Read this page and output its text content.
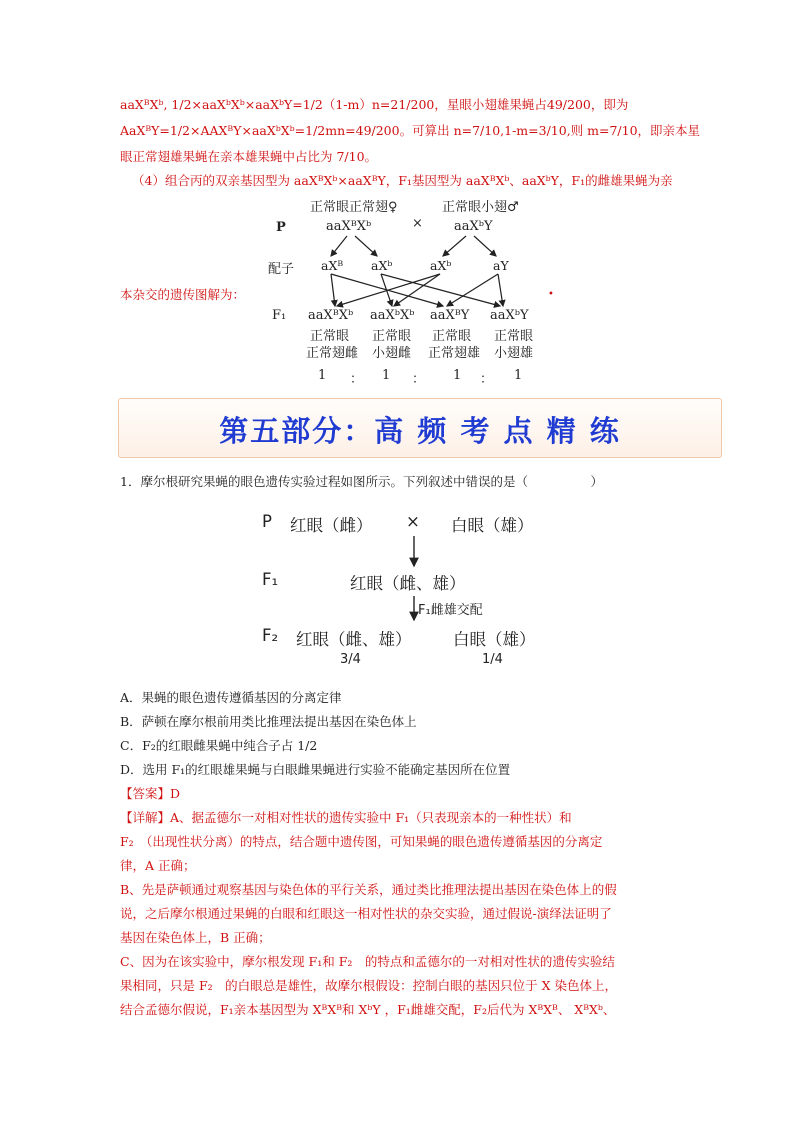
aaXᴮXᵇ, 1/2×aaXᵇXᵇ×aaXᵇY=1/2（1-m）n=21/200，星眼小翅雄果蝇占49/200，即为
AaXᴮY=1/2×AAXᴮY×aaXᵇXᵇ=1/2mn=49/200。可算出 n=7/10,1-m=3/10,则 m=7/10，即亲本星
眼正常翅雄果蝇在亲本雄果蝇中占比为 7/10。
（4）组合丙的双亲基因型为 aaXᴮXᵇ×aaXᴮY，F₁基因型为 aaXᴮXᵇ、aaXᵇY，F₁的雌雄果蝇为亲
本杂交的遗传图解为：	•
P
正常眼正常翅♀	正常眼小翅♂
aaXᴮXᵇ	× aaXᵇY
配子 aXᴮ aXᵇ	aXᵇ	aY
F₁ aaXᴮXᵇ
正常眼
正常翅雌
aaXᵇXᵇ
正常眼
小翅雌
aaXᴮY
正常眼
正常翅雄
aaXᵇY
正常眼
小翅雄
1 ： 1 ： 1 ： 1
第五部分：高 频 考 点 精 练
1．摩尔根研究果蝇的眼色遗传实验过程如图所示。下列叙述中错误的是（　　　　　）
P 红眼（雌） × 白眼（雄）
F₁	红眼（雌、雄）
F₁雌雄交配
F₂ 红眼（雌、雄）	白眼（雄）
3/4	1/4
A．果蝇的眼色遗传遵循基因的分离定律
B．萨顿在摩尔根前用类比推理法提出基因在染色体上
C．F₂的红眼雌果蝇中纯合子占 1/2
D．选用 F₁的红眼雄果蝇与白眼雌果蝇进行实验不能确定基因所在位置
【答案】D
【详解】A、据孟德尔一对相对性状的遗传实验中 F₁（只表现亲本的一种性状）和
F₂　（出现性状分离）的特点，结合题中遗传图，可知果蝇的眼色遗传遵循基因的分离定
律，A 正确；
B、先是萨顿通过观察基因与染色体的平行关系，通过类比推理法提出基因在染色体上的假
说，之后摩尔根通过果蝇的白眼和红眼这一相对性状的杂交实验，通过假说-演绎法证明了
基因在染色体上，B 正确；
C、因为在该实验中，摩尔根发现 F₁和 F₂　的特点和孟德尔的一对相对性状的遗传实验结
果相同，只是 F₂　的白眼总是雄性，故摩尔根假设：控制白眼的基因只位于 X 染色体上，
结合孟德尔假说，F₁亲本基因型为 XᴮXᴮ和 XᵇY ，F₁雌雄交配，F₂后代为 XᴮXᴮ、 XᴮXᵇ、
